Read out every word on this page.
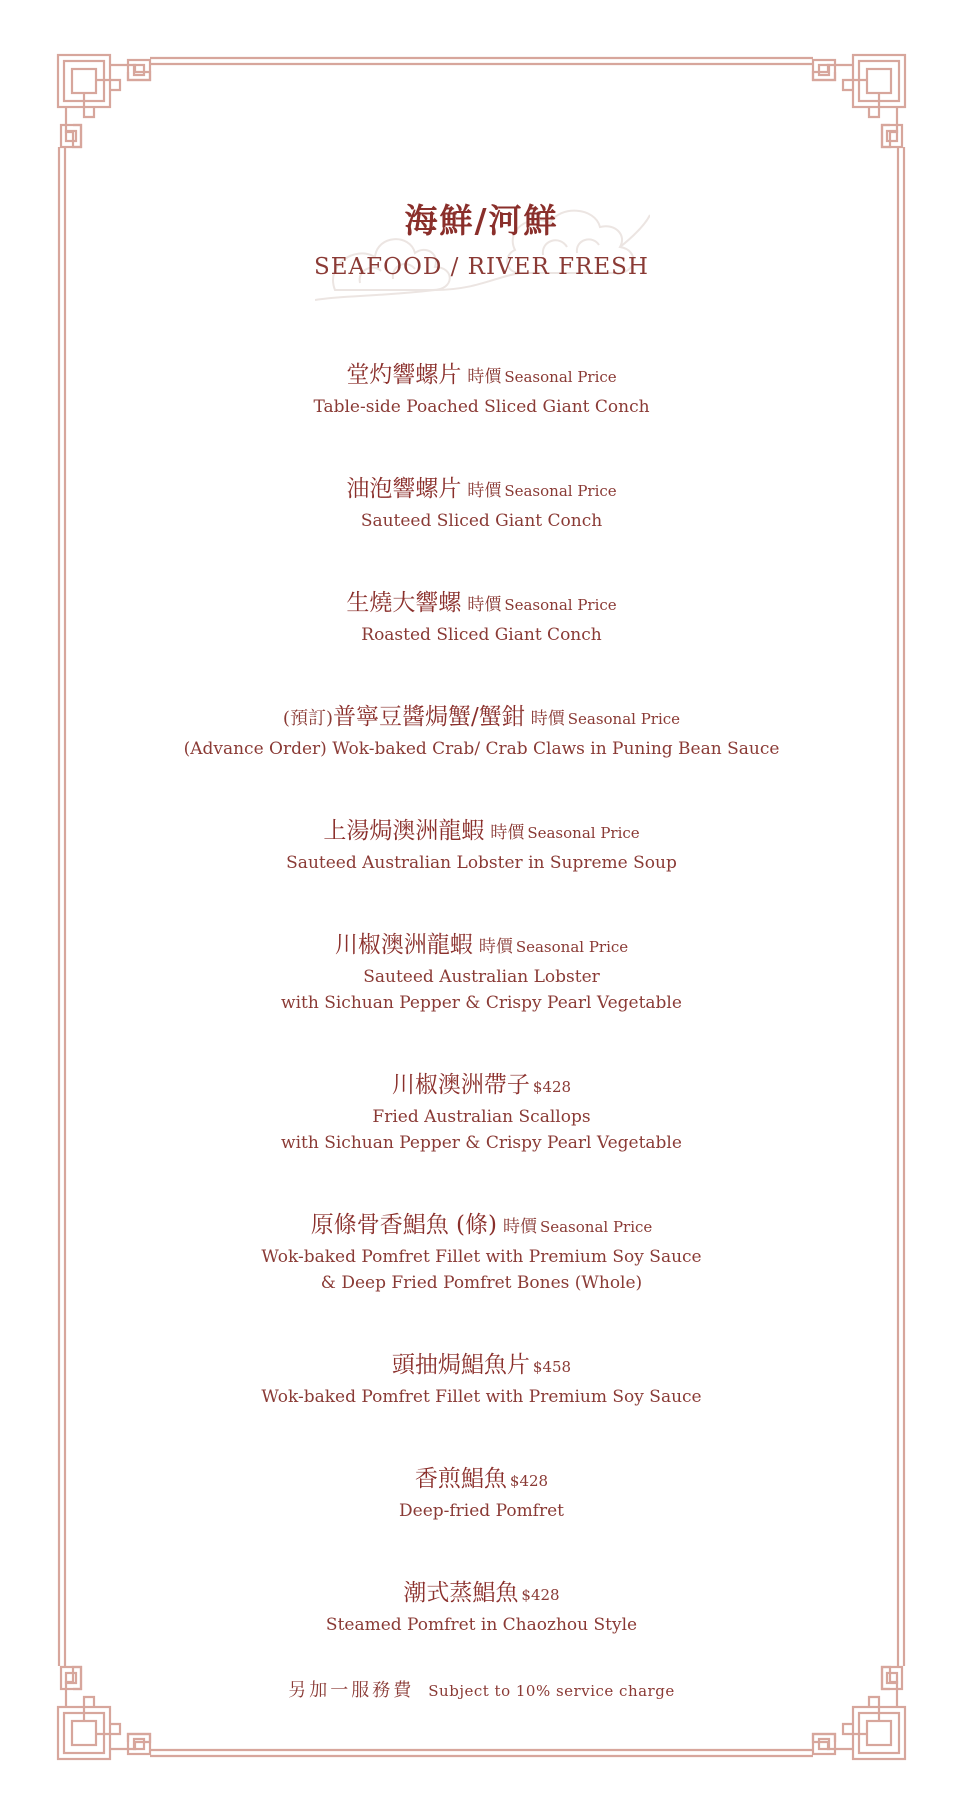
海鮮/河鮮
SEAFOOD / RIVER FRESH
堂灼響螺片 時價 Seasonal Price
Table-side Poached Sliced Giant Conch
油泡響螺片 時價 Seasonal Price
Sauteed Sliced Giant Conch
生燒大響螺 時價 Seasonal Price
Roasted Sliced Giant Conch
(預訂)普寧豆醬焗蟹/蟹鉗 時價 Seasonal Price
(Advance Order) Wok-baked Crab/ Crab Claws in Puning Bean Sauce
上湯焗澳洲龍蝦 時價 Seasonal Price
Sauteed Australian Lobster in Supreme Soup
川椒澳洲龍蝦 時價 Seasonal Price
Sauteed Australian Lobster
with Sichuan Pepper & Crispy Pearl Vegetable
川椒澳洲帶子 $428
Fried Australian Scallops
with Sichuan Pepper & Crispy Pearl Vegetable
原條骨香鯧魚 (條) 時價 Seasonal Price
Wok-baked Pomfret Fillet with Premium Soy Sauce
& Deep Fried Pomfret Bones (Whole)
頭抽焗鯧魚片 $458
Wok-baked Pomfret Fillet with Premium Soy Sauce
香煎鯧魚 $428
Deep-fried Pomfret
潮式蒸鯧魚 $428
Steamed Pomfret in Chaozhou Style
另加一服務費 Subject to 10% service charge
